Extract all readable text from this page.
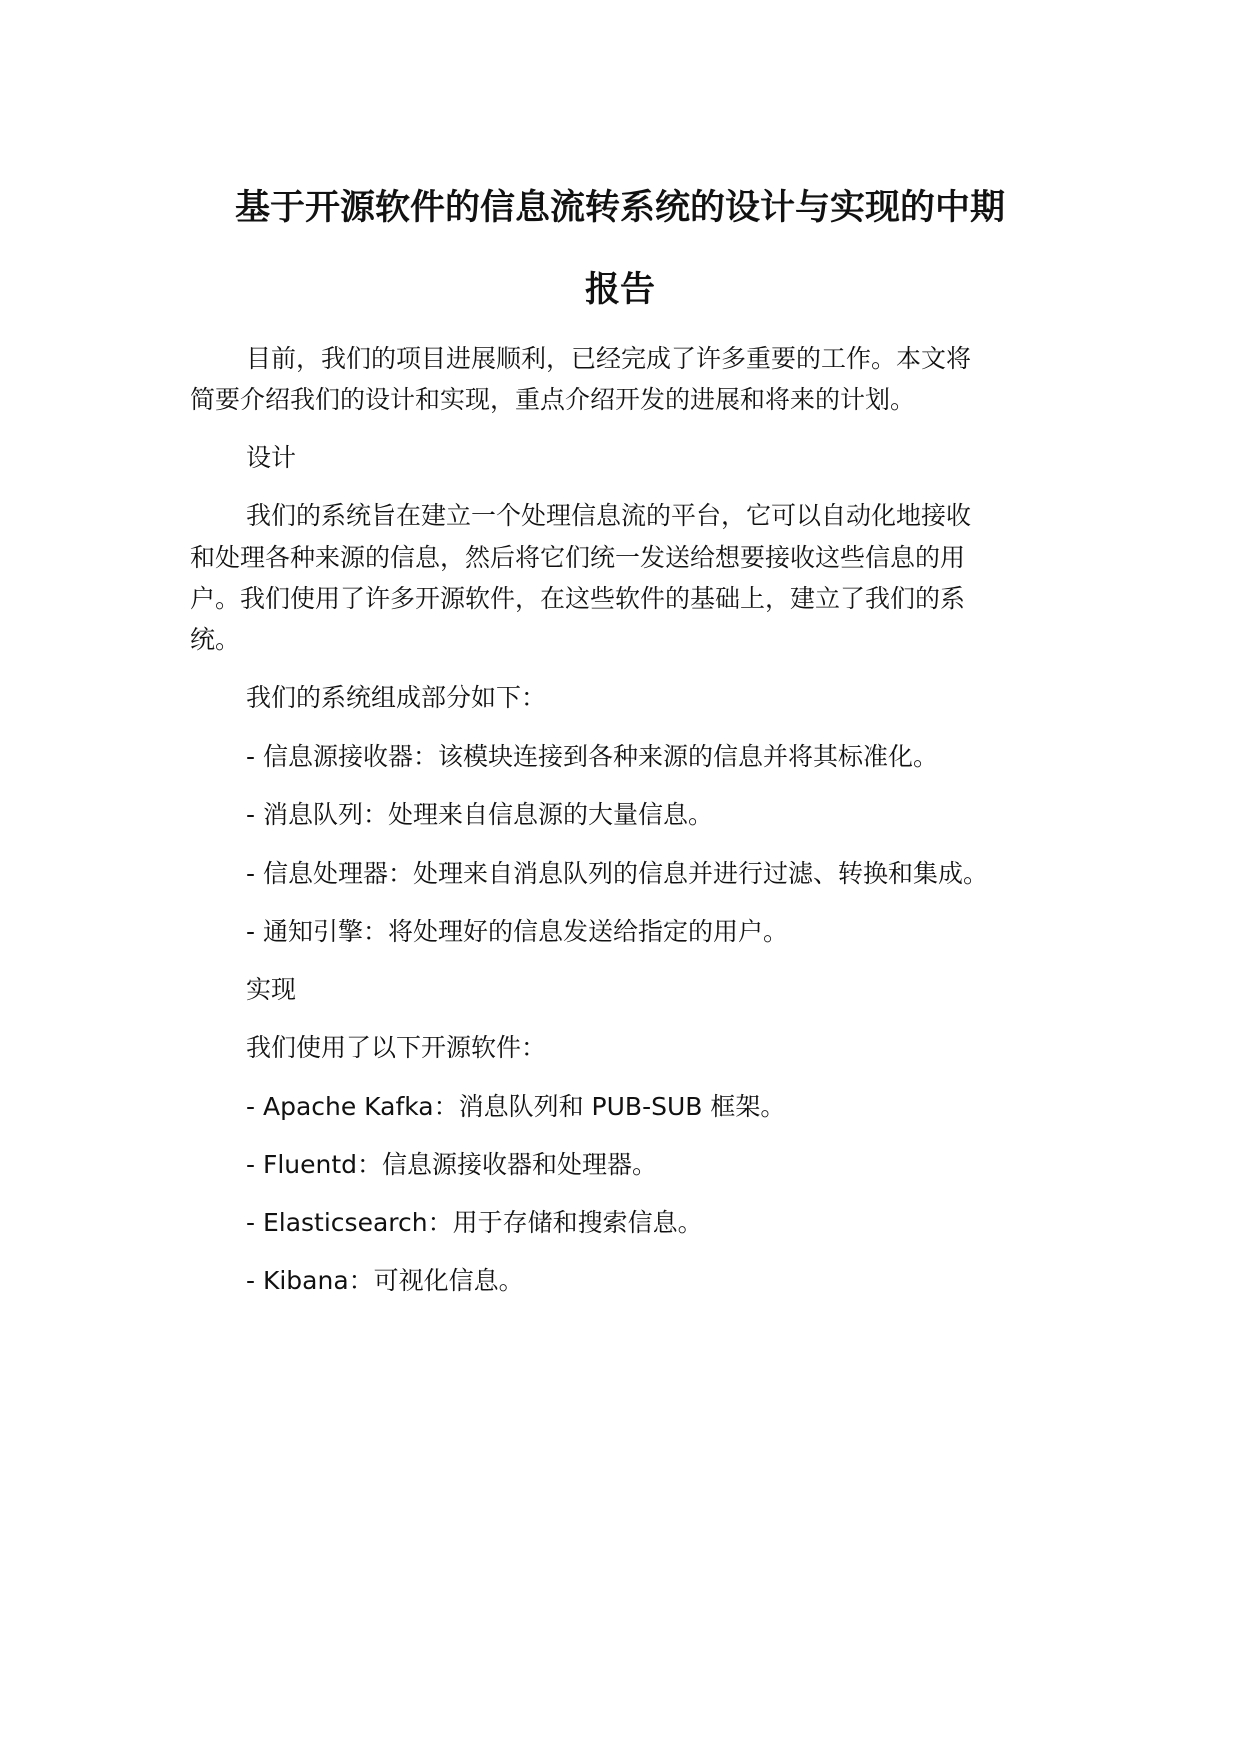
基于开源软件的信息流转系统的设计与实现的中期
报告

目前，我们的项目进展顺利，已经完成了许多重要的工作。本文将

简要介绍我们的设计和实现，重点介绍开发的进展和将来的计划。

设计

我们的系统旨在建立一个处理信息流的平台，它可以自动化地接收

和处理各种来源的信息，然后将它们统一发送给想要接收这些信息的用

户。我们使用了许多开源软件，在这些软件的基础上，建立了我们的系

统。

我们的系统组成部分如下：

- 信息源接收器：该模块连接到各种来源的信息并将其标准化。

- 消息队列：处理来自信息源的大量信息。

- 信息处理器：处理来自消息队列的信息并进行过滤、转换和集成。

- 通知引擎：将处理好的信息发送给指定的用户。

实现

我们使用了以下开源软件：

- Apache Kafka：消息队列和 PUB-SUB 框架。

- Fluentd：信息源接收器和处理器。

- Elasticsearch：用于存储和搜索信息。

- Kibana：可视化信息。
